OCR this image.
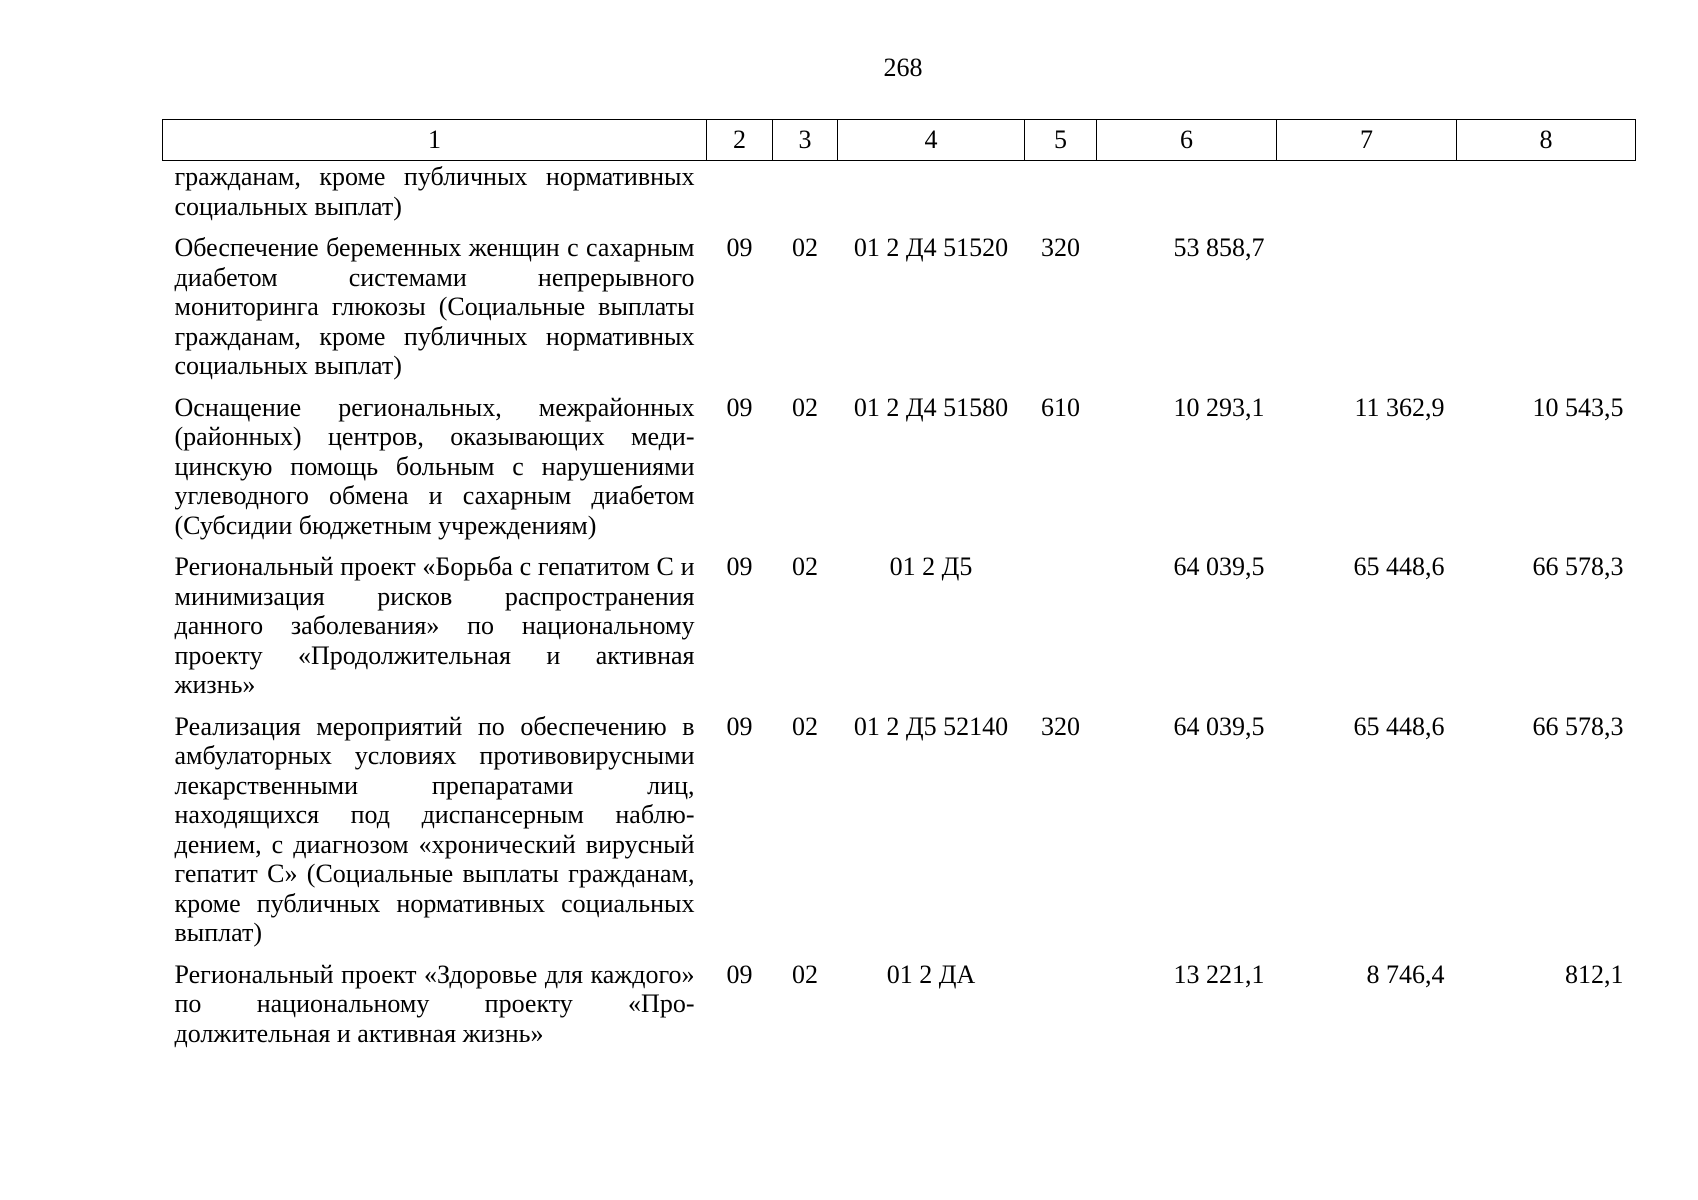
268
1	2	3	4	5	6	7	8
гражданам, кроме публичных нормативных социальных выплат)							
Обеспечение беременных женщин с сахарным диабетом системами непрерывного мониторинга глюкозы (Социальные выплаты гражданам, кроме публичных нормативных социальных выплат)	09	02	01 2 Д4 51520	320	53 858,7		
Оснащение региональных, межрайонных (районных) центров, оказывающих медицинскую помощь больным с нарушениями углеводного обмена и сахарным диабетом (Субсидии бюджетным учреждениям)	09	02	01 2 Д4 51580	610	10 293,1	11 362,9	10 543,5
Региональный проект «Борьба с гепатитом С и минимизация рисков распространения данного заболевания» по национальному проекту «Продолжительная и активная жизнь»	09	02	01 2 Д5		64 039,5	65 448,6	66 578,3
Реализация мероприятий по обеспечению в амбулаторных условиях противовирусными лекарственными препаратами лиц, находящихся под диспансерным наблюдением, с диагнозом «хронический вирусный гепатит С» (Социальные выплаты гражданам, кроме публичных нормативных социальных выплат)	09	02	01 2 Д5 52140	320	64 039,5	65 448,6	66 578,3
Региональный проект «Здоровье для каждого» по национальному проекту «Продолжительная и активная жизнь»	09	02	01 2 ДА		13 221,1	8 746,4	812,1
